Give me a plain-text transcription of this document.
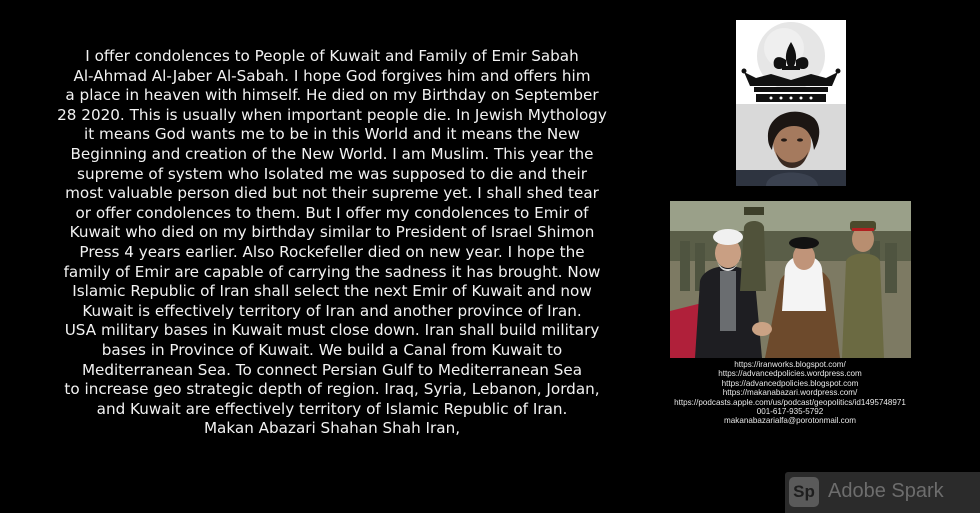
I offer condolences to People of Kuwait and Family of Emir Sabah
Al-Ahmad Al-Jaber Al-Sabah. I hope God forgives him and offers him
a place in heaven with himself. He died on my Birthday on September
28 2020. This is usually when important people die. In Jewish Mythology
it means God wants me to be in this World and it means the New
Beginning and creation of the New World. I am Muslim. This year the
supreme of system who Isolated me was supposed to die and their
most valuable person died but not their supreme yet. I shall shed tear
or offer condolences to them. But I offer my condolences to Emir of
Kuwait who died on my birthday similar to President of Israel Shimon
Press 4 years earlier. Also Rockefeller died on new year. I hope the
family of Emir are capable of carrying the sadness it has brought. Now
Islamic Republic of Iran shall select the next Emir of Kuwait and now
Kuwait is effectively territory of Iran and another province of Iran.
USA military bases in Kuwait must close down. Iran shall build military
bases in Province of Kuwait. We build a Canal from Kuwait to
Mediterranean Sea. To connect Persian Gulf to Mediterranean Sea
to increase geo strategic depth of region. Iraq, Syria, Lebanon, Jordan,
and Kuwait are effectively territory of Islamic Republic of Iran.
Makan Abazari Shahan Shah Iran,
https://iranworks.blogspot.com/
https://advancedpolicies.wordpress.com
https://advancedpolicies.blogspot.com
https://makanabazari.wordpress.com/
https://podcasts.apple.com/us/podcast/geopolitics/id1495748971
001-617-935-5792
makanabazarialfa@porotonmail.com
Sp Adobe Spark
